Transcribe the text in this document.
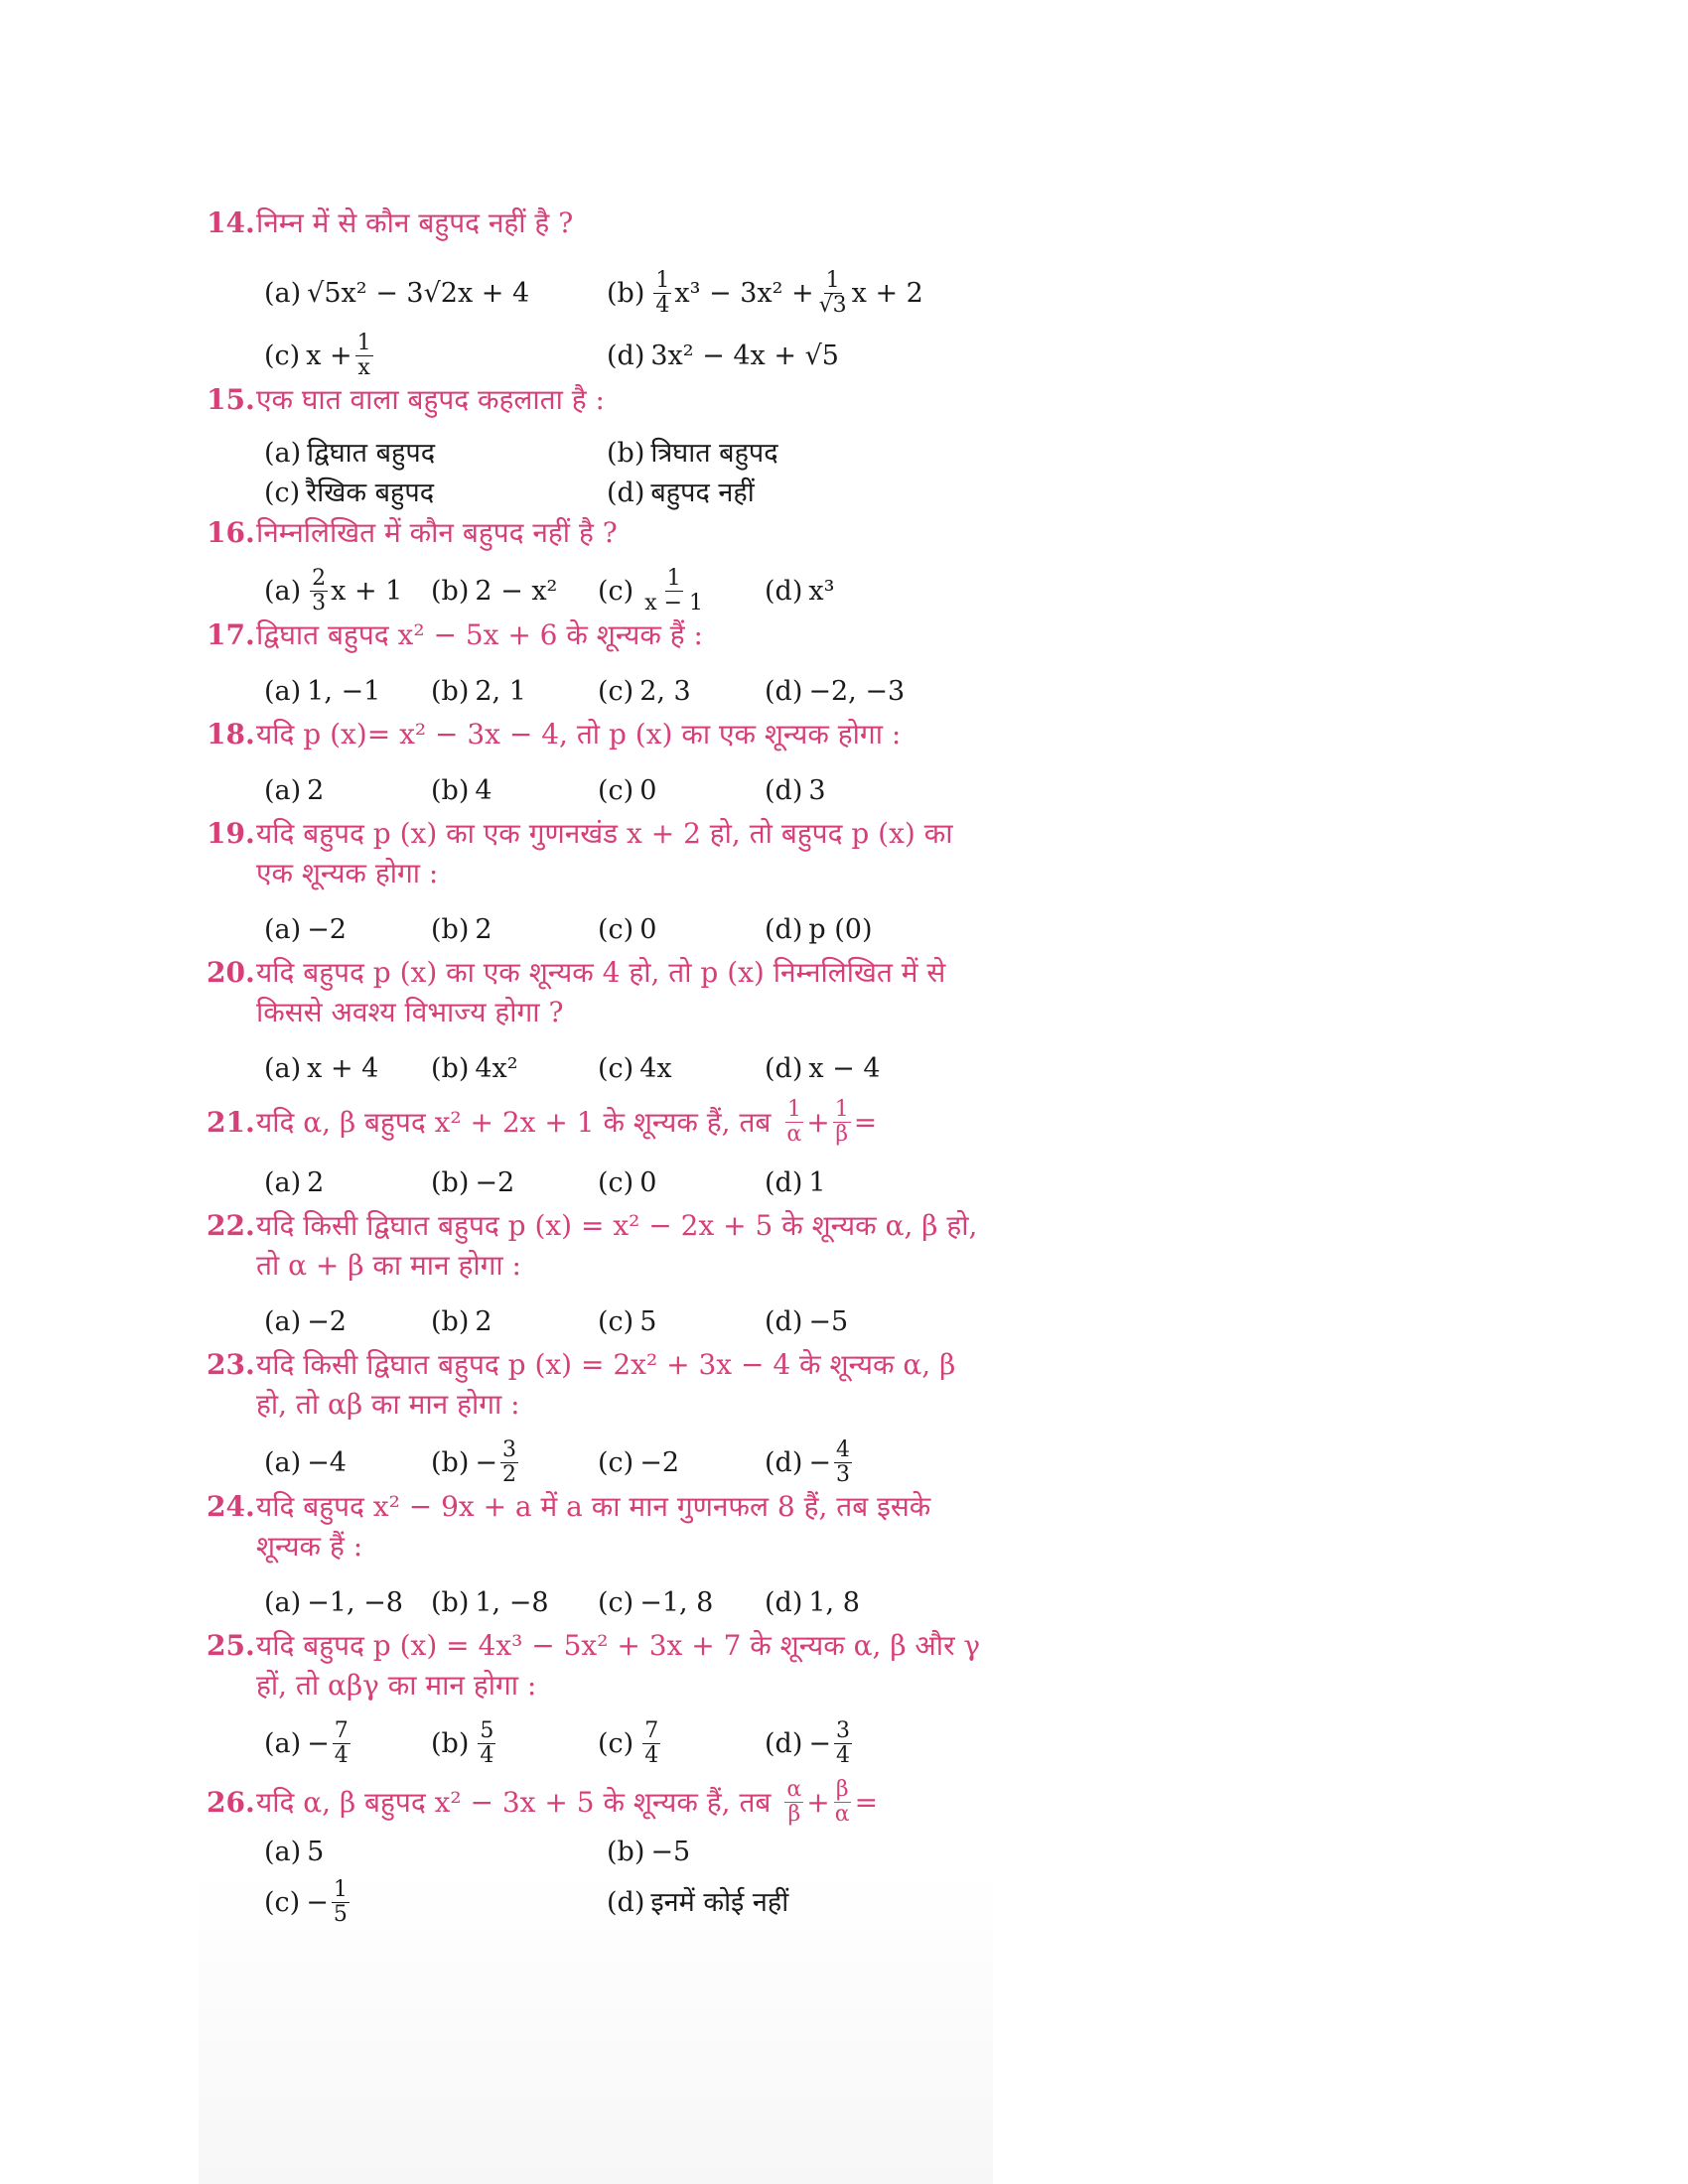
14. निम्न में से कौन बहुपद नहीं है ?
(a) √5x² − 3√2x + 4	$(b) \frac{1}{4} x^3 - 3x^2 + \frac{1}{√3}$ x + 2
(c) $x + \frac{1}{x}$	(d) 3x² − 4x + √5
15. एक घात वाला बहुपद कहलाता है :
(a) द्विघात बहुपद	(b) त्रिघात बहुपद
(c) रैखिक बहुपद	(d) बहुपद नहीं
16. निम्नलिखित में कौन बहुपद नहीं है ?
$(a) \frac{2}{3}$ x + 1 (b) 2 − x² $(c) \frac{1}{x - 1} (d)$ x³
17. द्विघात बहुपद x² − 5x + 6 के शून्यक हैं :
(a) 1, −1 (b) 2, 1	(c) 2, 3	(d) −2, −3
18. यदि p (x)= x² − 3x − 4, तो p (x) का एक शून्यक होगा :
(a) 2	(b) 4	(c) 0	(d) 3
19. यदि बहुपद p (x) का एक गुणनखंड x + 2 हो, तो बहुपद p (x) का एक शून्यक होगा :
(a) −2	(b) 2	(c) 0	(d) p (0)
20. यदि बहुपद p (x) का एक शून्यक 4 हो, तो p (x) निम्नलिखित में से किससे अवश्य विभाज्य होगा ?
(a) x + 4 (b) 4x²	(c) 4x	(d) x − 4
21. यदि α, β बहुपद x² + 2x + 1 के शून्यक हैं, तब $\frac{1}{\alpha} + \frac{1}{\beta}$ =
(a) 2	(b) −2	(c) 0	(d) 1
22. यदि किसी द्विघात बहुपद p (x) = x² − 2x + 5 के शून्यक α, β हो, तो α + β का मान होगा :
(a) −2	(b) 2	(c) 5	(d) −5
23. यदि किसी द्विघात बहुपद p (x) = 2x² + 3x − 4 के शून्यक α, β हो, तो αβ का मान होगा :
(a) −4	$(b) - \frac{3}{2}$	(c) −2	$(d) - \frac{4}{3}$
24. यदि बहुपद x² − 9x + a में a का मान गुणनफल 8 हैं, तब इसके शून्यक हैं :
(a) −1, −8 (b) 1, −8 (c) −1, 8 (d) 1, 8
25. यदि बहुपद p (x) = 4x³ − 5x² + 3x + 7 के शून्यक α, β और γ हों, तो αβγ का मान होगा :
$(a) - \frac{7}{4}$	$(b) \frac{5}{4}$	$(c) \frac{7}{4}$	$(d) - \frac{3}{4}$
26. यदि α, β बहुपद x² − 3x + 5 के शून्यक हैं, तब $\frac{\alpha}{\beta} + \frac{\beta}{\alpha}$ =
(a) 5	(b) −5
$(c) - \frac{1}{5}$	(d) इनमें कोई नहीं
